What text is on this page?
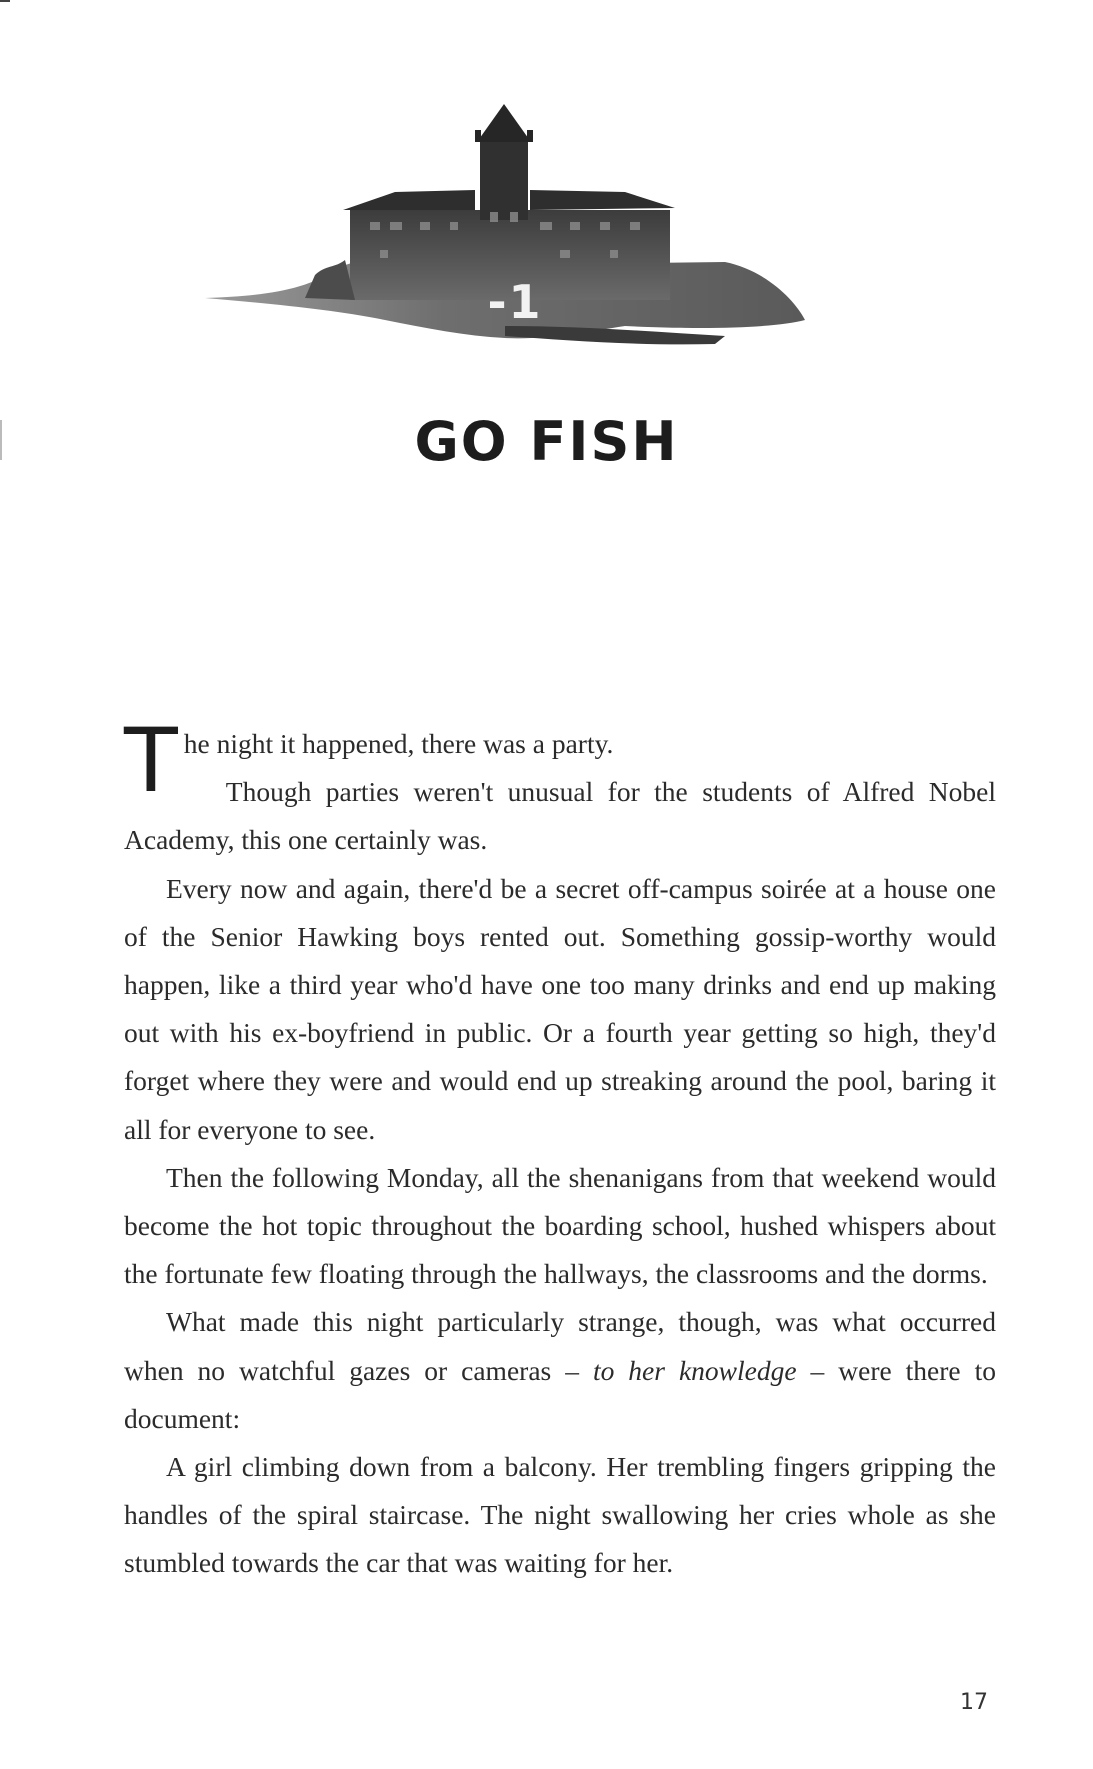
-1
GO FISH

The night it happened, there was a party.

Though parties weren't unusual for the students of Alfred Nobel Academy, this one certainly was.

Every now and again, there'd be a secret off-campus soirée at a house one of the Senior Hawking boys rented out. Something gossip-worthy would happen, like a third year who'd have one too many drinks and end up making out with his ex-boyfriend in public. Or a fourth year getting so high, they'd forget where they were and would end up streaking around the pool, baring it all for everyone to see.

Then the following Monday, all the shenanigans from that weekend would become the hot topic throughout the boarding school, hushed whispers about the fortunate few floating through the hallways, the classrooms and the dorms.

What made this night particularly strange, though, was what occurred when no watchful gazes or cameras – to her knowledge – were there to document:

A girl climbing down from a balcony. Her trembling fingers gripping the handles of the spiral staircase. The night swallowing her cries whole as she stumbled towards the car that was waiting for her.

17
